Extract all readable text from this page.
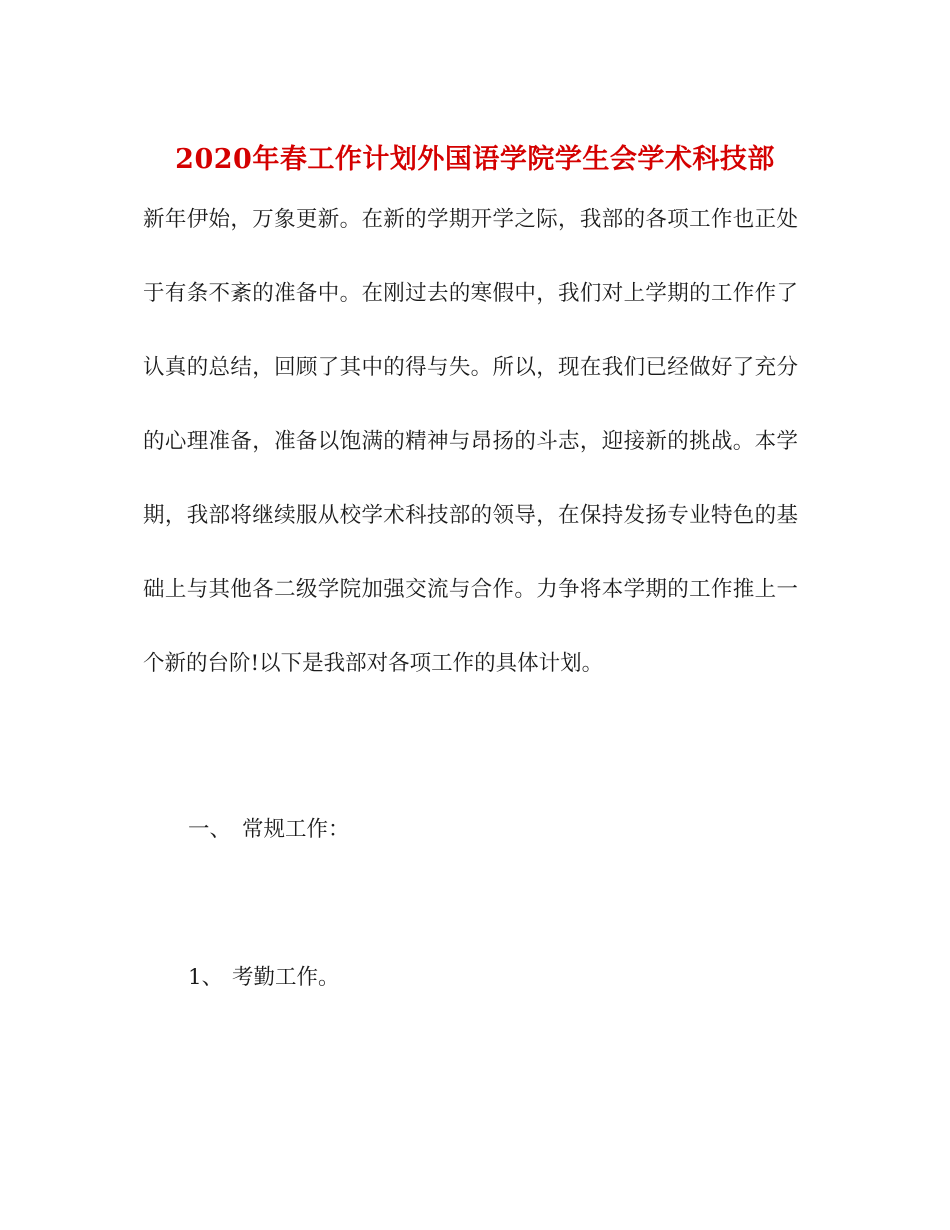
2020年春工作计划外国语学院学生会学术科技部
新年伊始，万象更新。在新的学期开学之际，我部的各项工作也正处
于有条不紊的准备中。在刚过去的寒假中，我们对上学期的工作作了
认真的总结，回顾了其中的得与失。所以，现在我们已经做好了充分
的心理准备，准备以饱满的精神与昂扬的斗志，迎接新的挑战。本学
期，我部将继续服从校学术科技部的领导，在保持发扬专业特色的基
础上与其他各二级学院加强交流与合作。力争将本学期的工作推上一
个新的台阶!以下是我部对各项工作的具体计划。
一、 常规工作：
1、 考勤工作。
